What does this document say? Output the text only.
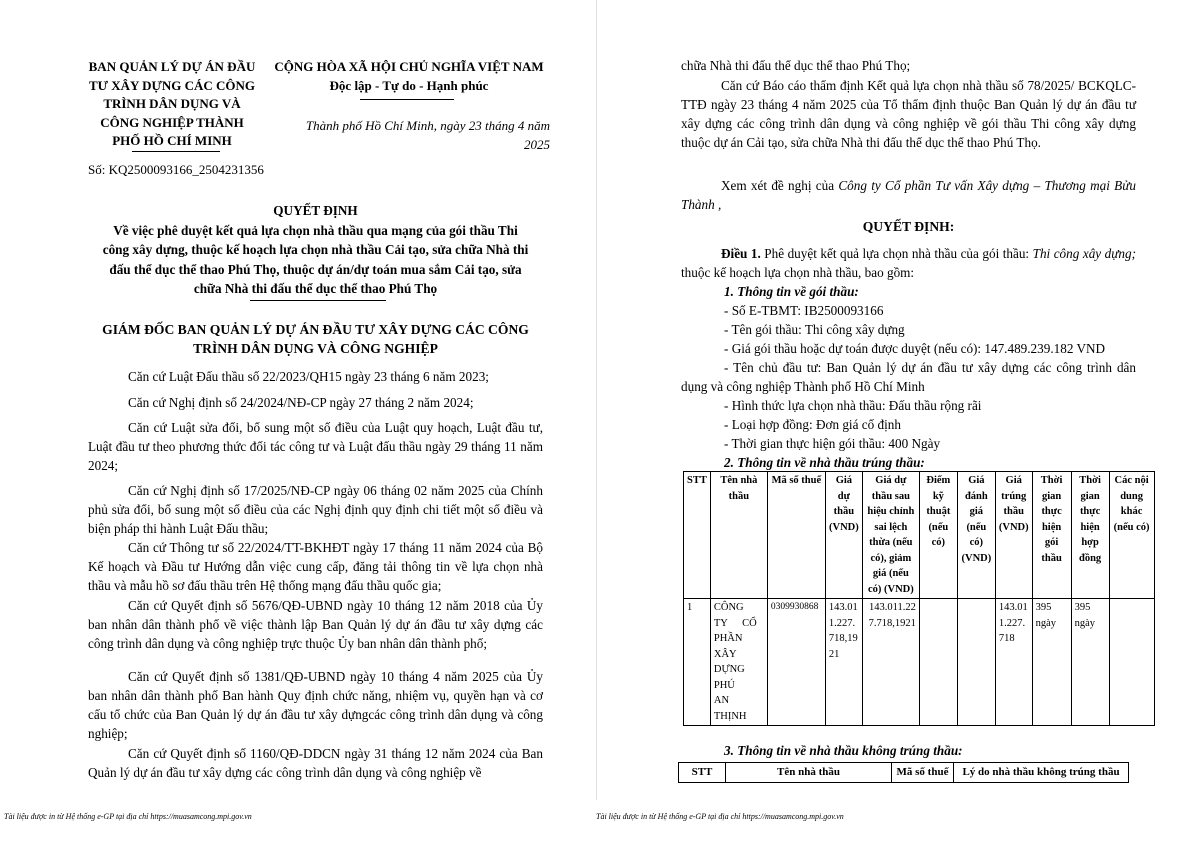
BAN QUẢN LÝ DỰ ÁN ĐẦU
TƯ XÂY DỰNG CÁC CÔNG
TRÌNH DÂN DỤNG VÀ
CÔNG NGHIỆP THÀNH
PHỐ HỒ CHÍ MINH
CỘNG HÒA XÃ HỘI CHỦ NGHĨA VIỆT NAM
Độc lập - Tự do - Hạnh phúc
Thành phố Hồ Chí Minh, ngày 23 tháng 4 năm
2025
Số: KQ2500093166_2504231356
QUYẾT ĐỊNH
Về việc phê duyệt kết quả lựa chọn nhà thầu qua mạng của gói thầu Thi
công xây dựng, thuộc kế hoạch lựa chọn nhà thầu Cải tạo, sửa chữa Nhà thi
đấu thể dục thể thao Phú Thọ, thuộc dự án/dự toán mua sắm Cải tạo, sửa
chữa Nhà thi đấu thể dục thể thao Phú Thọ
GIÁM ĐỐC BAN QUẢN LÝ DỰ ÁN ĐẦU TƯ XÂY DỰNG CÁC CÔNG
TRÌNH DÂN DỤNG VÀ CÔNG NGHIỆP
Căn cứ Luật Đấu thầu số 22/2023/QH15 ngày 23 tháng 6 năm 2023;
Căn cứ Nghị định số 24/2024/NĐ-CP ngày 27 tháng 2 năm 2024;
Căn cứ Luật sửa đổi, bổ sung một số điều của Luật quy hoạch, Luật đầu tư, Luật đầu tư theo phương thức đối tác công tư và Luật đấu thầu ngày 29 tháng 11 năm 2024;
Căn cứ Nghị định số 17/2025/NĐ-CP ngày 06 tháng 02 năm 2025 của Chính phủ sửa đổi, bổ sung một số điều của các Nghị định quy định chi tiết một số điều và biện pháp thi hành Luật Đấu thầu;
Căn cứ Thông tư số 22/2024/TT-BKHĐT ngày 17 tháng 11 năm 2024 của Bộ Kế hoạch và Đầu tư Hướng dẫn việc cung cấp, đăng tải thông tin về lựa chọn nhà thầu và mẫu hồ sơ đấu thầu trên Hệ thống mạng đấu thầu quốc gia;
Căn cứ Quyết định số 5676/QĐ-UBND ngày 10 tháng 12 năm 2018 của Ủy ban nhân dân thành phố về việc thành lập Ban Quản lý dự án đầu tư xây dựng các công trình dân dụng và công nghiệp trực thuộc Ủy ban nhân dân thành phố;
Căn cứ Quyết định số 1381/QĐ-UBND ngày 10 tháng 4 năm 2025 của Ủy ban nhân dân thành phố Ban hành Quy định chức năng, nhiệm vụ, quyền hạn và cơ cấu tổ chức của Ban Quản lý dự án đầu tư xây dựngcác công trình dân dụng và công nghiệp;
Căn cứ Quyết định số 1160/QĐ-DDCN ngày 31 tháng 12 năm 2024 của Ban Quản lý dự án đầu tư xây dựng các công trình dân dụng và công nghiệp về
Tài liệu được in từ Hệ thống e-GP tại địa chỉ https://muasamcong.mpi.gov.vn
chữa Nhà thi đấu thể dục thể thao Phú Thọ;
Căn cứ Báo cáo thẩm định Kết quả lựa chọn nhà thầu số 78/2025/ BCKQLC- TTĐ ngày 23 tháng 4 năm 2025 của Tổ thẩm định thuộc Ban Quản lý dự án đầu tư xây dựng các công trình dân dụng và công nghiệp về gói thầu Thi công xây dựng thuộc dự án Cải tạo, sửa chữa Nhà thi đấu thể dục thể thao Phú Thọ.
Xem xét đề nghị của Công ty Cổ phần Tư vấn Xây dựng – Thương mại Bửu Thành ,
QUYẾT ĐỊNH:
Điều 1. Phê duyệt kết quả lựa chọn nhà thầu của gói thầu: Thi công xây dựng; thuộc kế hoạch lựa chọn nhà thầu, bao gồm:
1. Thông tin về gói thầu:
- Số E-TBMT: IB2500093166
- Tên gói thầu: Thi công xây dựng
- Giá gói thầu hoặc dự toán được duyệt (nếu có): 147.489.239.182 VND
- Tên chủ đầu tư: Ban Quản lý dự án đầu tư xây dựng các công trình dân dụng và công nghiệp Thành phố Hồ Chí Minh
- Hình thức lựa chọn nhà thầu: Đấu thầu rộng rãi
- Loại hợp đồng: Đơn giá cố định
- Thời gian thực hiện gói thầu: 400 Ngày
2. Thông tin về nhà thầu trúng thầu:
STT	Tên nhà thầu	Mã số thuế	Giá dự thầu (VND)	Giá dự thầu sau hiệu chỉnh sai lệch thừa (nếu có), giảm giá (nếu có) (VND)	Điểm kỹ thuật (nếu có)	Giá đánh giá (nếu có) (VND)	Giá trúng thầu (VND)	Thời gian thực hiện gói thầu	Thời gian thực hiện hợp đồng	Các nội dung khác (nếu có)
1	CÔNG TY CỔ PHẦN XÂY DỰNG PHÚ AN THỊNH	0309930868	143.011.227.718,1921	143.011.227.718,1921			143.011.227.718	395 ngày	395 ngày	
3. Thông tin về nhà thầu không trúng thầu:
STT	Tên nhà thầu	Mã số thuế	Lý do nhà thầu không trúng thầu
Tài liệu được in từ Hệ thống e-GP tại địa chỉ https://muasamcong.mpi.gov.vn
